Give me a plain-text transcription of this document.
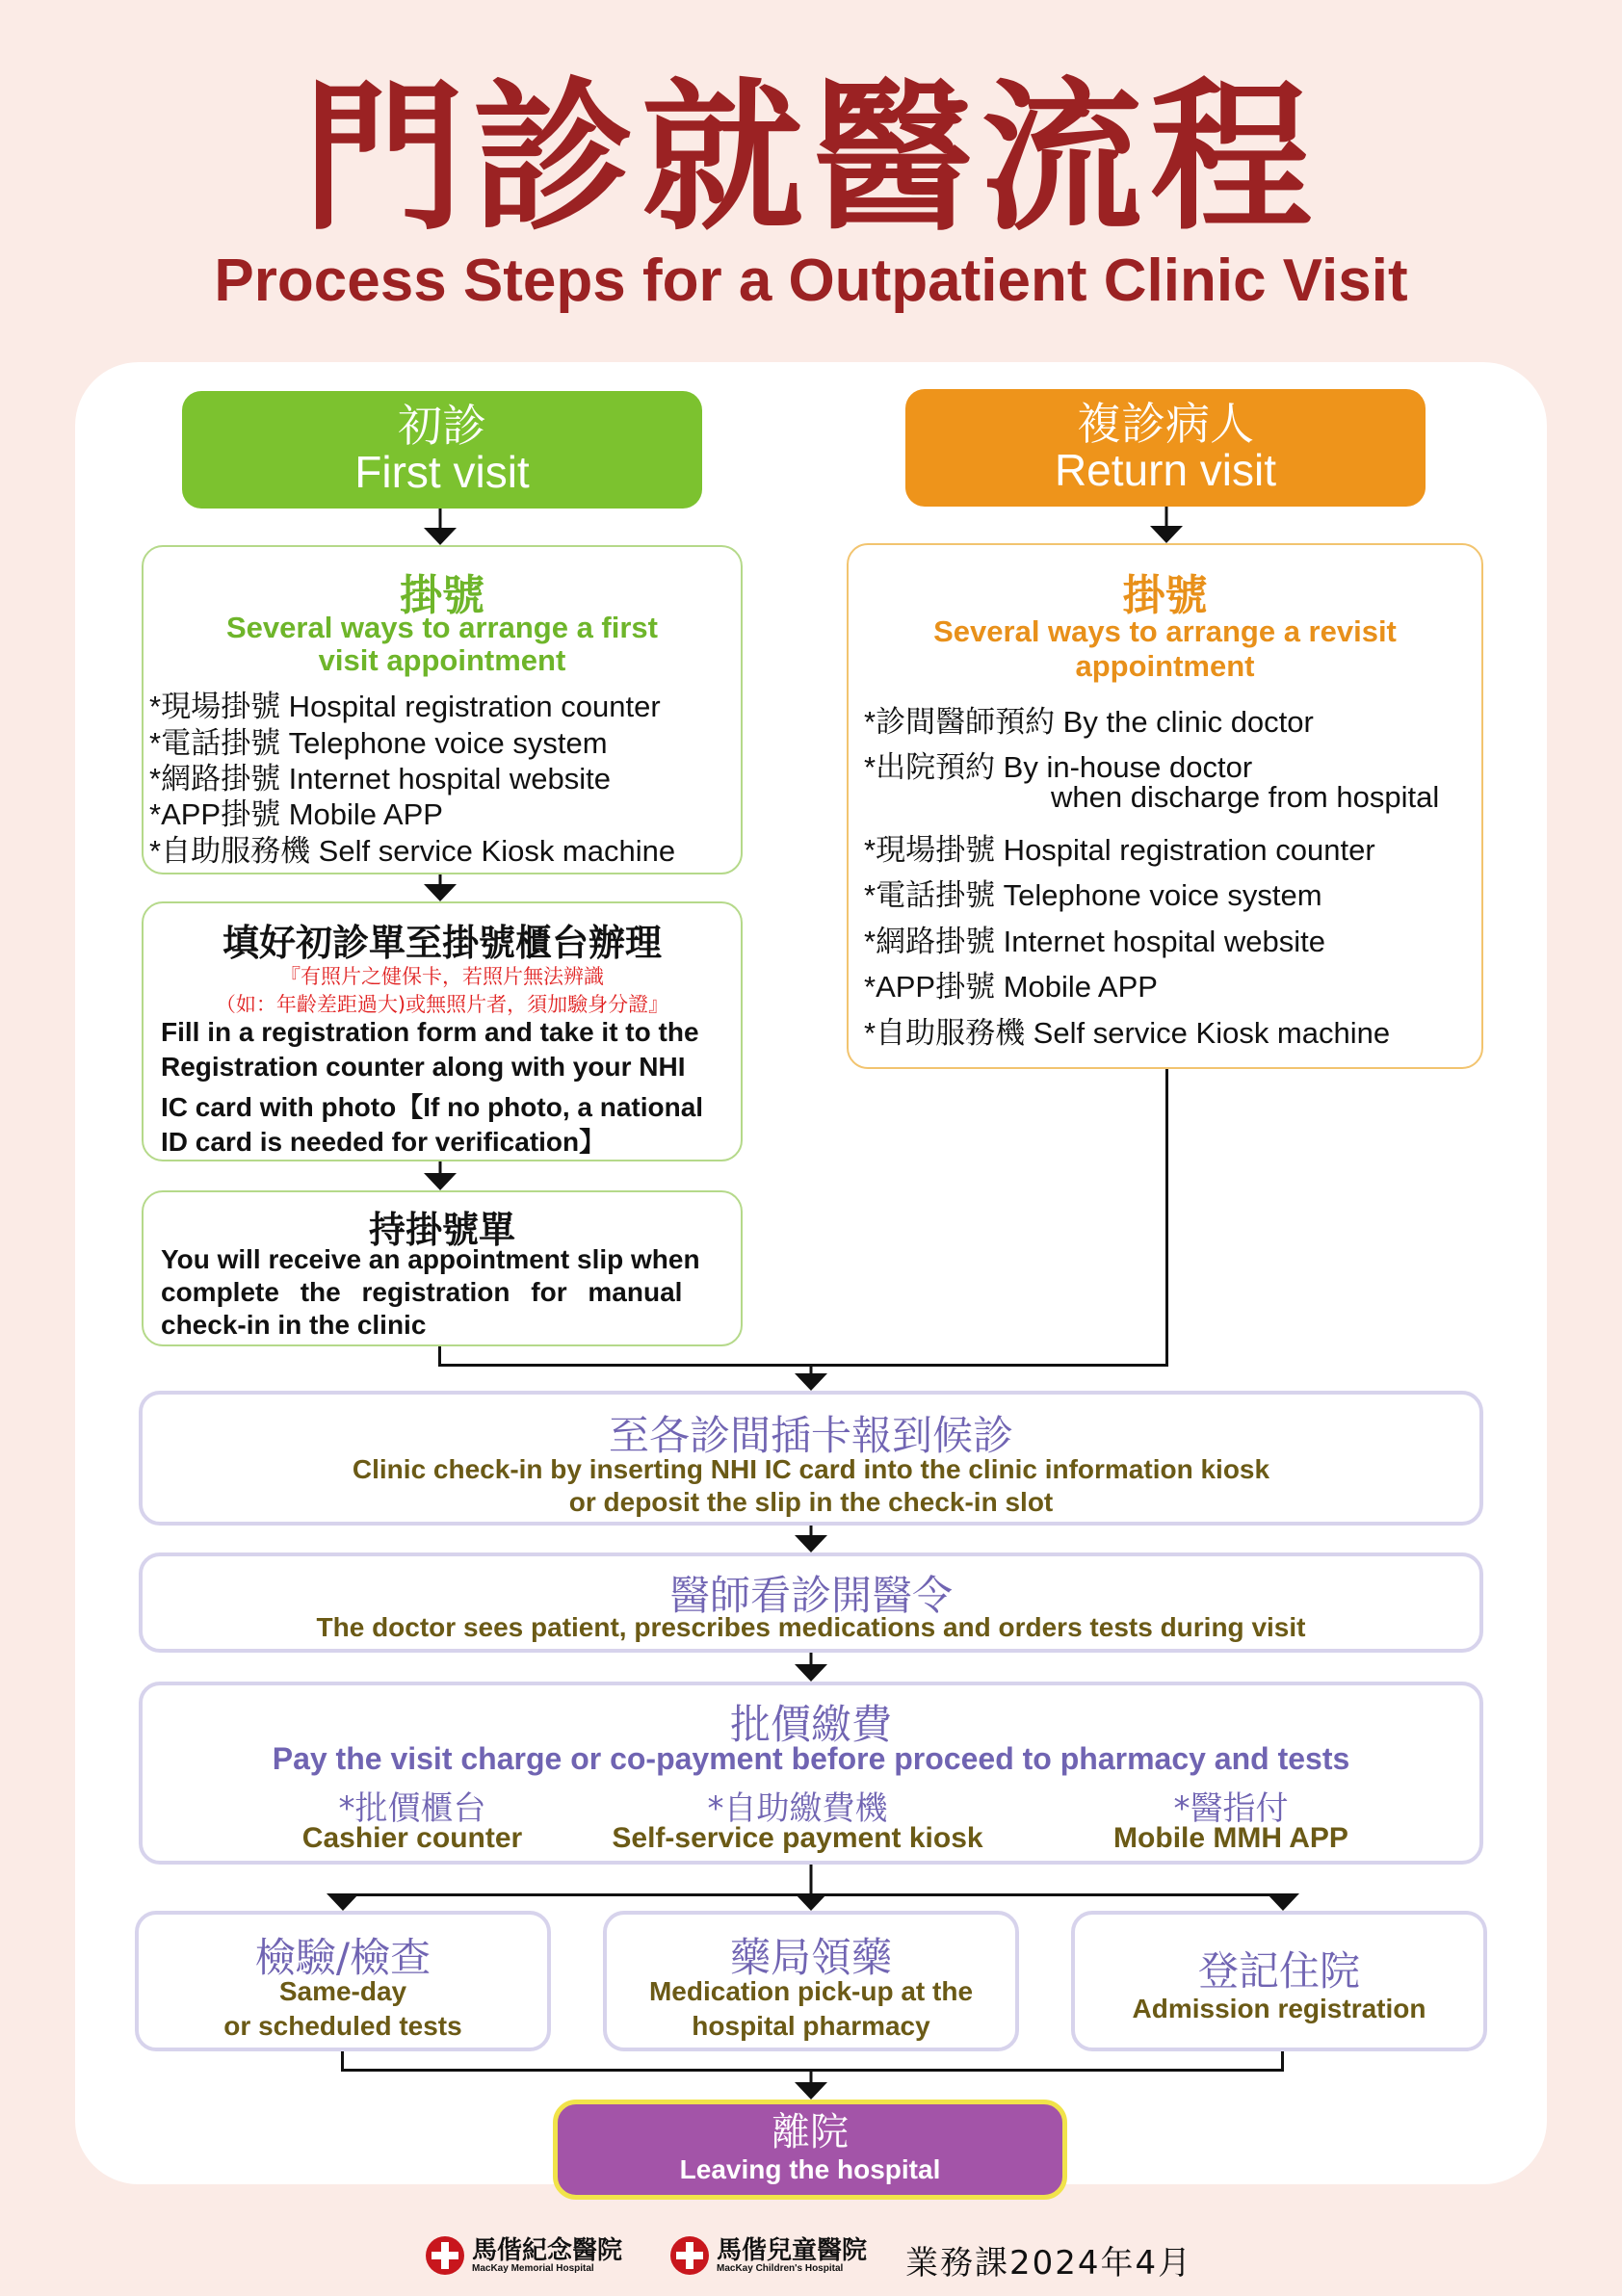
門診就醫流程
Process Steps for a Outpatient Clinic Visit
初診
First visit
複診病人
Return visit
掛號
Several ways to arrange a first
visit appointment
*現場掛號 Hospital registration counter
*電話掛號 Telephone voice system
*網路掛號 Internet hospital website
*APP掛號 Mobile APP
*自助服務機 Self service Kiosk machine
填好初診單至掛號櫃台辦理
『有照片之健保卡，若照片無法辨識
（如：年齡差距過大)或無照片者，須加驗身分證』
Fill in a registration form and take it to the
Registration counter along with your NHI
IC card with photo【If no photo, a national
ID card is needed for verification】
持掛號單
You will receive an appointment slip when
complete the registration for manual
check-in in the clinic
掛號
Several ways to arrange a revisit
appointment
*診間醫師預約 By the clinic doctor
*出院預約 By in-house doctor
when discharge from hospital
*現場掛號 Hospital registration counter
*電話掛號 Telephone voice system
*網路掛號 Internet hospital website
*APP掛號 Mobile APP
*自助服務機 Self service Kiosk machine
至各診間插卡報到候診
Clinic check-in by inserting NHI IC card into the clinic information kiosk
or deposit the slip in the check-in slot
醫師看診開醫令
The doctor sees patient, prescribes medications and orders tests during visit
批價繳費
Pay the visit charge or co-payment before proceed to pharmacy and tests
*批價櫃台
Cashier counter
*自助繳費機
Self-service payment kiosk
*醫指付
Mobile MMH APP
檢驗/檢查
Same-day
or scheduled tests
藥局領藥
Medication pick-up at the
hospital pharmacy
登記住院
Admission registration
離院
Leaving the hospital
馬偕紀念醫院
MacKay Memorial Hospital
馬偕兒童醫院
MacKay Children's Hospital 業務課2024年4月
